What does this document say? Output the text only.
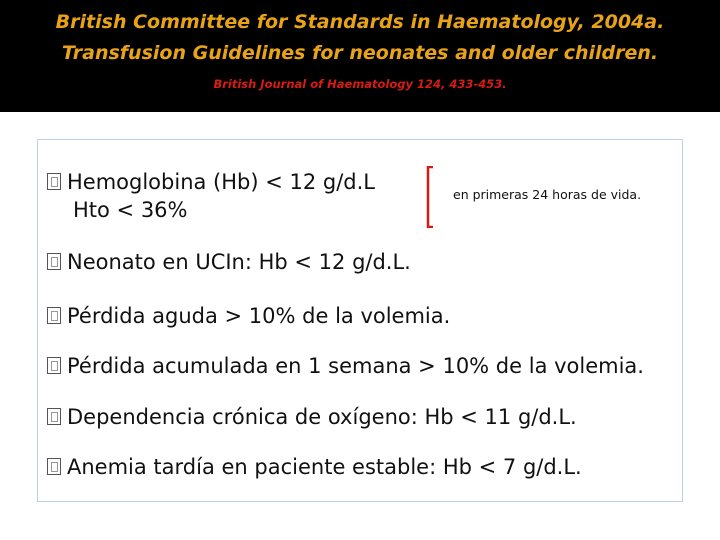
British Committee for Standards in Haematology, 2004a.
Transfusion Guidelines for neonates and older children.
British Journal of Haematology 124, 433-453.
Hemoglobina (Hb) < 12 g/d.L
Hto < 36%
en primeras 24 horas de vida.
Neonato en UCIn: Hb < 12 g/d.L.
Pérdida aguda > 10% de la volemia.
Pérdida acumulada en 1 semana > 10% de la volemia.
Dependencia crónica de oxígeno: Hb < 11 g/d.L.
Anemia tardía en paciente estable: Hb < 7 g/d.L.
